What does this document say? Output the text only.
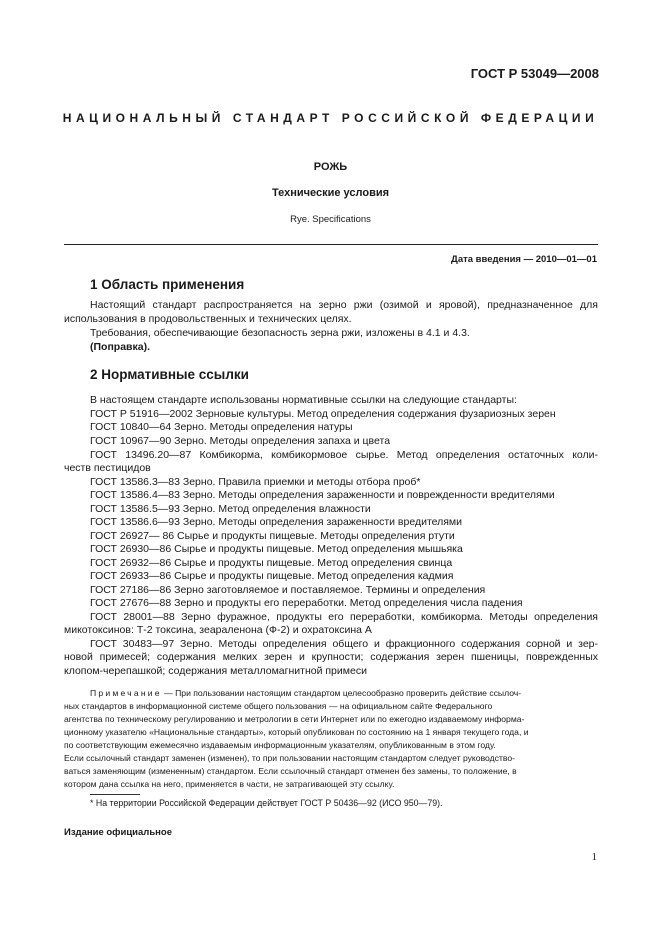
ГОСТ Р 53049—2008
НАЦИОНАЛЬНЫЙ СТАНДАРТ РОССИЙСКОЙ ФЕДЕРАЦИИ
РОЖЬ
Технические условия
Rye. Specifications
Дата введения — 2010—01—01
1 Область применения
Настоящий стандарт распространяется на зерно ржи (озимой и яровой), предназначенное для
использования в продовольственных и технических целях.
Требования, обеспечивающие безопасность зерна ржи, изложены в 4.1 и 4.3.
(Поправка).
2 Нормативные ссылки
В настоящем стандарте использованы нормативные ссылки на следующие стандарты:
ГОСТ Р 51916—2002 Зерновые культуры. Метод определения содержания фузариозных зерен
ГОСТ 10840—64 Зерно. Методы определения натуры
ГОСТ 10967—90 Зерно. Методы определения запаха и цвета
ГОСТ 13496.20—87 Комбикорма, комбикормовое сырье. Метод определения остаточных коли-
честв пестицидов
ГОСТ 13586.3—83 Зерно. Правила приемки и методы отбора проб*
ГОСТ 13586.4—83 Зерно. Методы определения зараженности и поврежденности вредителями
ГОСТ 13586.5—93 Зерно. Метод определения влажности
ГОСТ 13586.6—93 Зерно. Методы определения зараженности вредителями
ГОСТ 26927— 86 Сырье и продукты пищевые. Методы определения ртути
ГОСТ 26930—86 Сырье и продукты пищевые. Метод определения мышьяка
ГОСТ 26932—86 Сырье и продукты пищевые. Метод определения свинца
ГОСТ 26933—86 Сырье и продукты пищевые. Метод определения кадмия
ГОСТ 27186—86 Зерно заготовляемое и поставляемое. Термины и определения
ГОСТ 27676—88 Зерно и продукты его переработки. Метод определения числа падения
ГОСТ 28001—88 Зерно фуражное, продукты его переработки, комбикорма. Методы определения
микотоксинов: Т-2 токсина, зеараленона (Ф-2) и охратоксина А
ГОСТ 30483—97 Зерно. Методы определения общего и фракционного содержания сорной и зер-
новой примесей; содержания мелких зерен и крупности; содержания зерен пшеницы, поврежденных
клопом-черепашкой; содержания металломагнитной примеси
Примечание — При пользовании настоящим стандартом целесообразно проверить действие ссылоч-
ных стандартов в информационной системе общего пользования — на официальном сайте Федерального
агентства по техническому регулированию и метрологии в сети Интернет или по ежегодно издаваемому информа-
ционному указателю «Национальные стандарты», который опубликован по состоянию на 1 января текущего года, и
по соответствующим ежемесячно издаваемым информационным указателям, опубликованным в этом году.
Если ссылочный стандарт заменен (изменен), то при пользовании настоящим стандартом следует руководство-
ваться заменяющим (измененным) стандартом. Если ссылочный стандарт отменен без замены, то положение, в
котором дана ссылка на него, применяется в части, не затрагивающей эту ссылку.
* На территории Российской Федерации действует ГОСТ Р 50436—92 (ИСО 950—79).
Издание официальное
1
